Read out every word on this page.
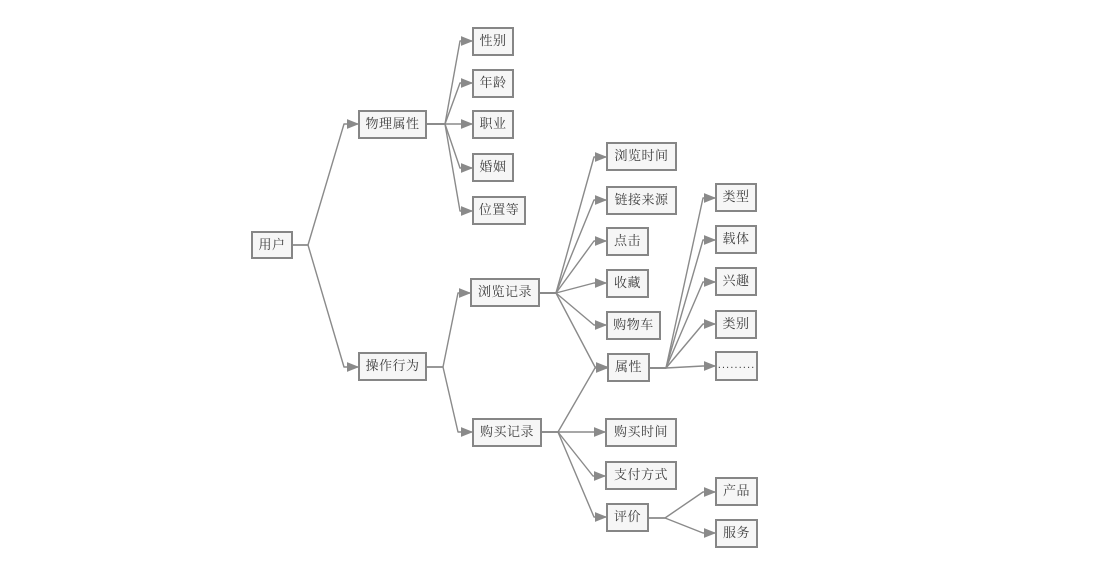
用户
物理属性
性别
年龄
职业
婚姻
位置等
操作行为
浏览记录
购买记录
浏览时间
链接来源
点击
收藏
购物车
属性
类型
载体
兴趣
类别
.........
购买时间
支付方式
评价
产品
服务
